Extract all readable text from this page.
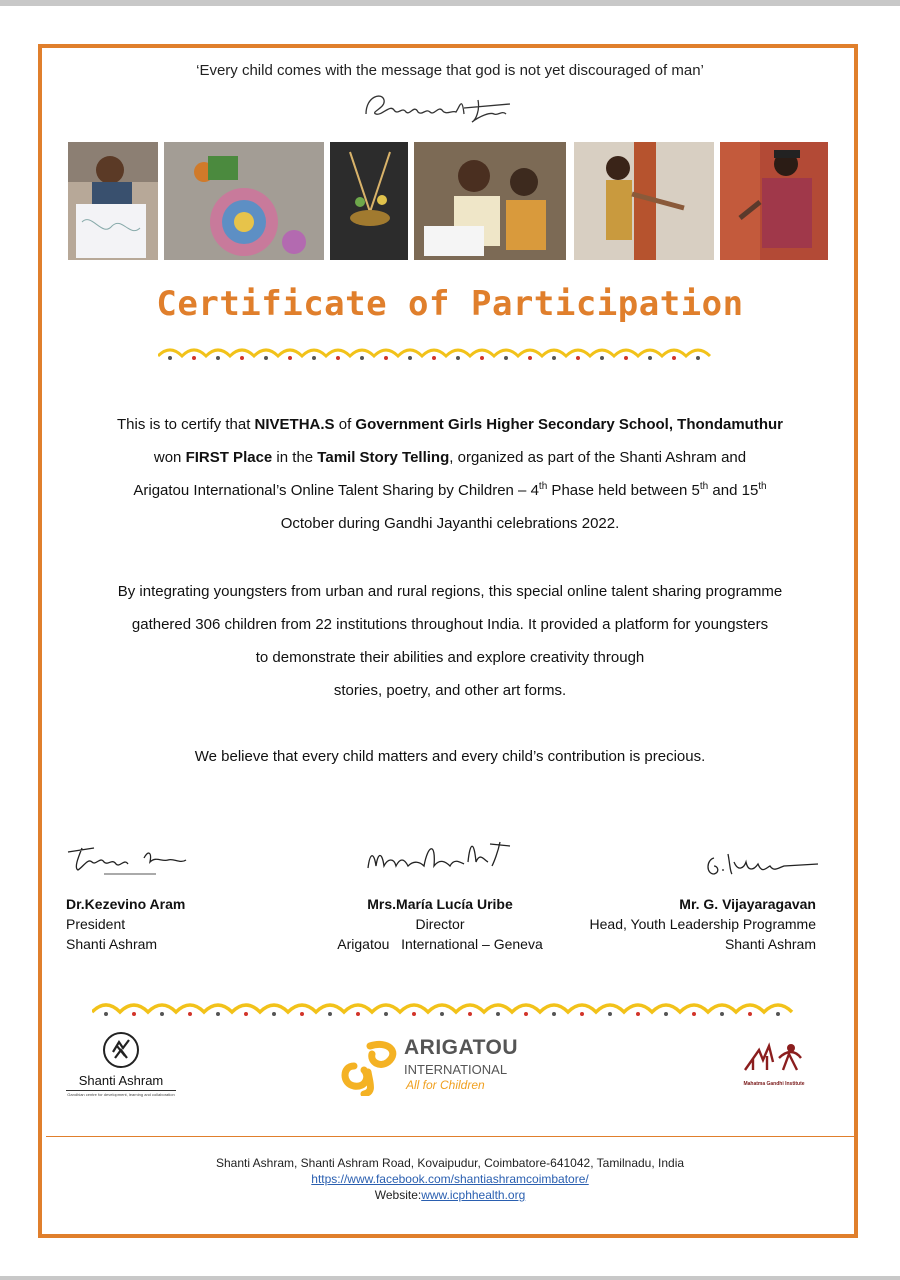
‘Every child comes with the message that god is not yet discouraged of man’
Certificate of Participation
This is to certify that NIVETHA.S of Government Girls Higher Secondary School, Thondamuthur
won FIRST Place in the Tamil Story Telling, organized as part of the Shanti Ashram and
Arigatou International’s Online Talent Sharing by Children – 4th Phase held between 5th and 15th
October during Gandhi Jayanthi celebrations 2022.
By integrating youngsters from urban and rural regions, this special online talent sharing programme
gathered 306 children from 22 institutions throughout India. It provided a platform for youngsters
to demonstrate their abilities and explore creativity through
stories, poetry, and other art forms.
We believe that every child matters and every child’s contribution is precious.
Dr.Kezevino Aram
President
Shanti Ashram
Mrs.María Lucía Uribe
Director
Arigatou   International – Geneva
Mr. G. Vijayaragavan
Head, Youth Leadership Programme
Shanti Ashram
Shanti Ashram
Gandhian centre for development, learning and collaboration
ARIGATOU
INTERNATIONAL
All for Children	Mahatma Gandhi Institute
Shanti Ashram, Shanti Ashram Road, Kovaipudur, Coimbatore-641042, Tamilnadu, India
https://www.facebook.com/shantiashramcoimbatore/
Website:www.icphhealth.org
